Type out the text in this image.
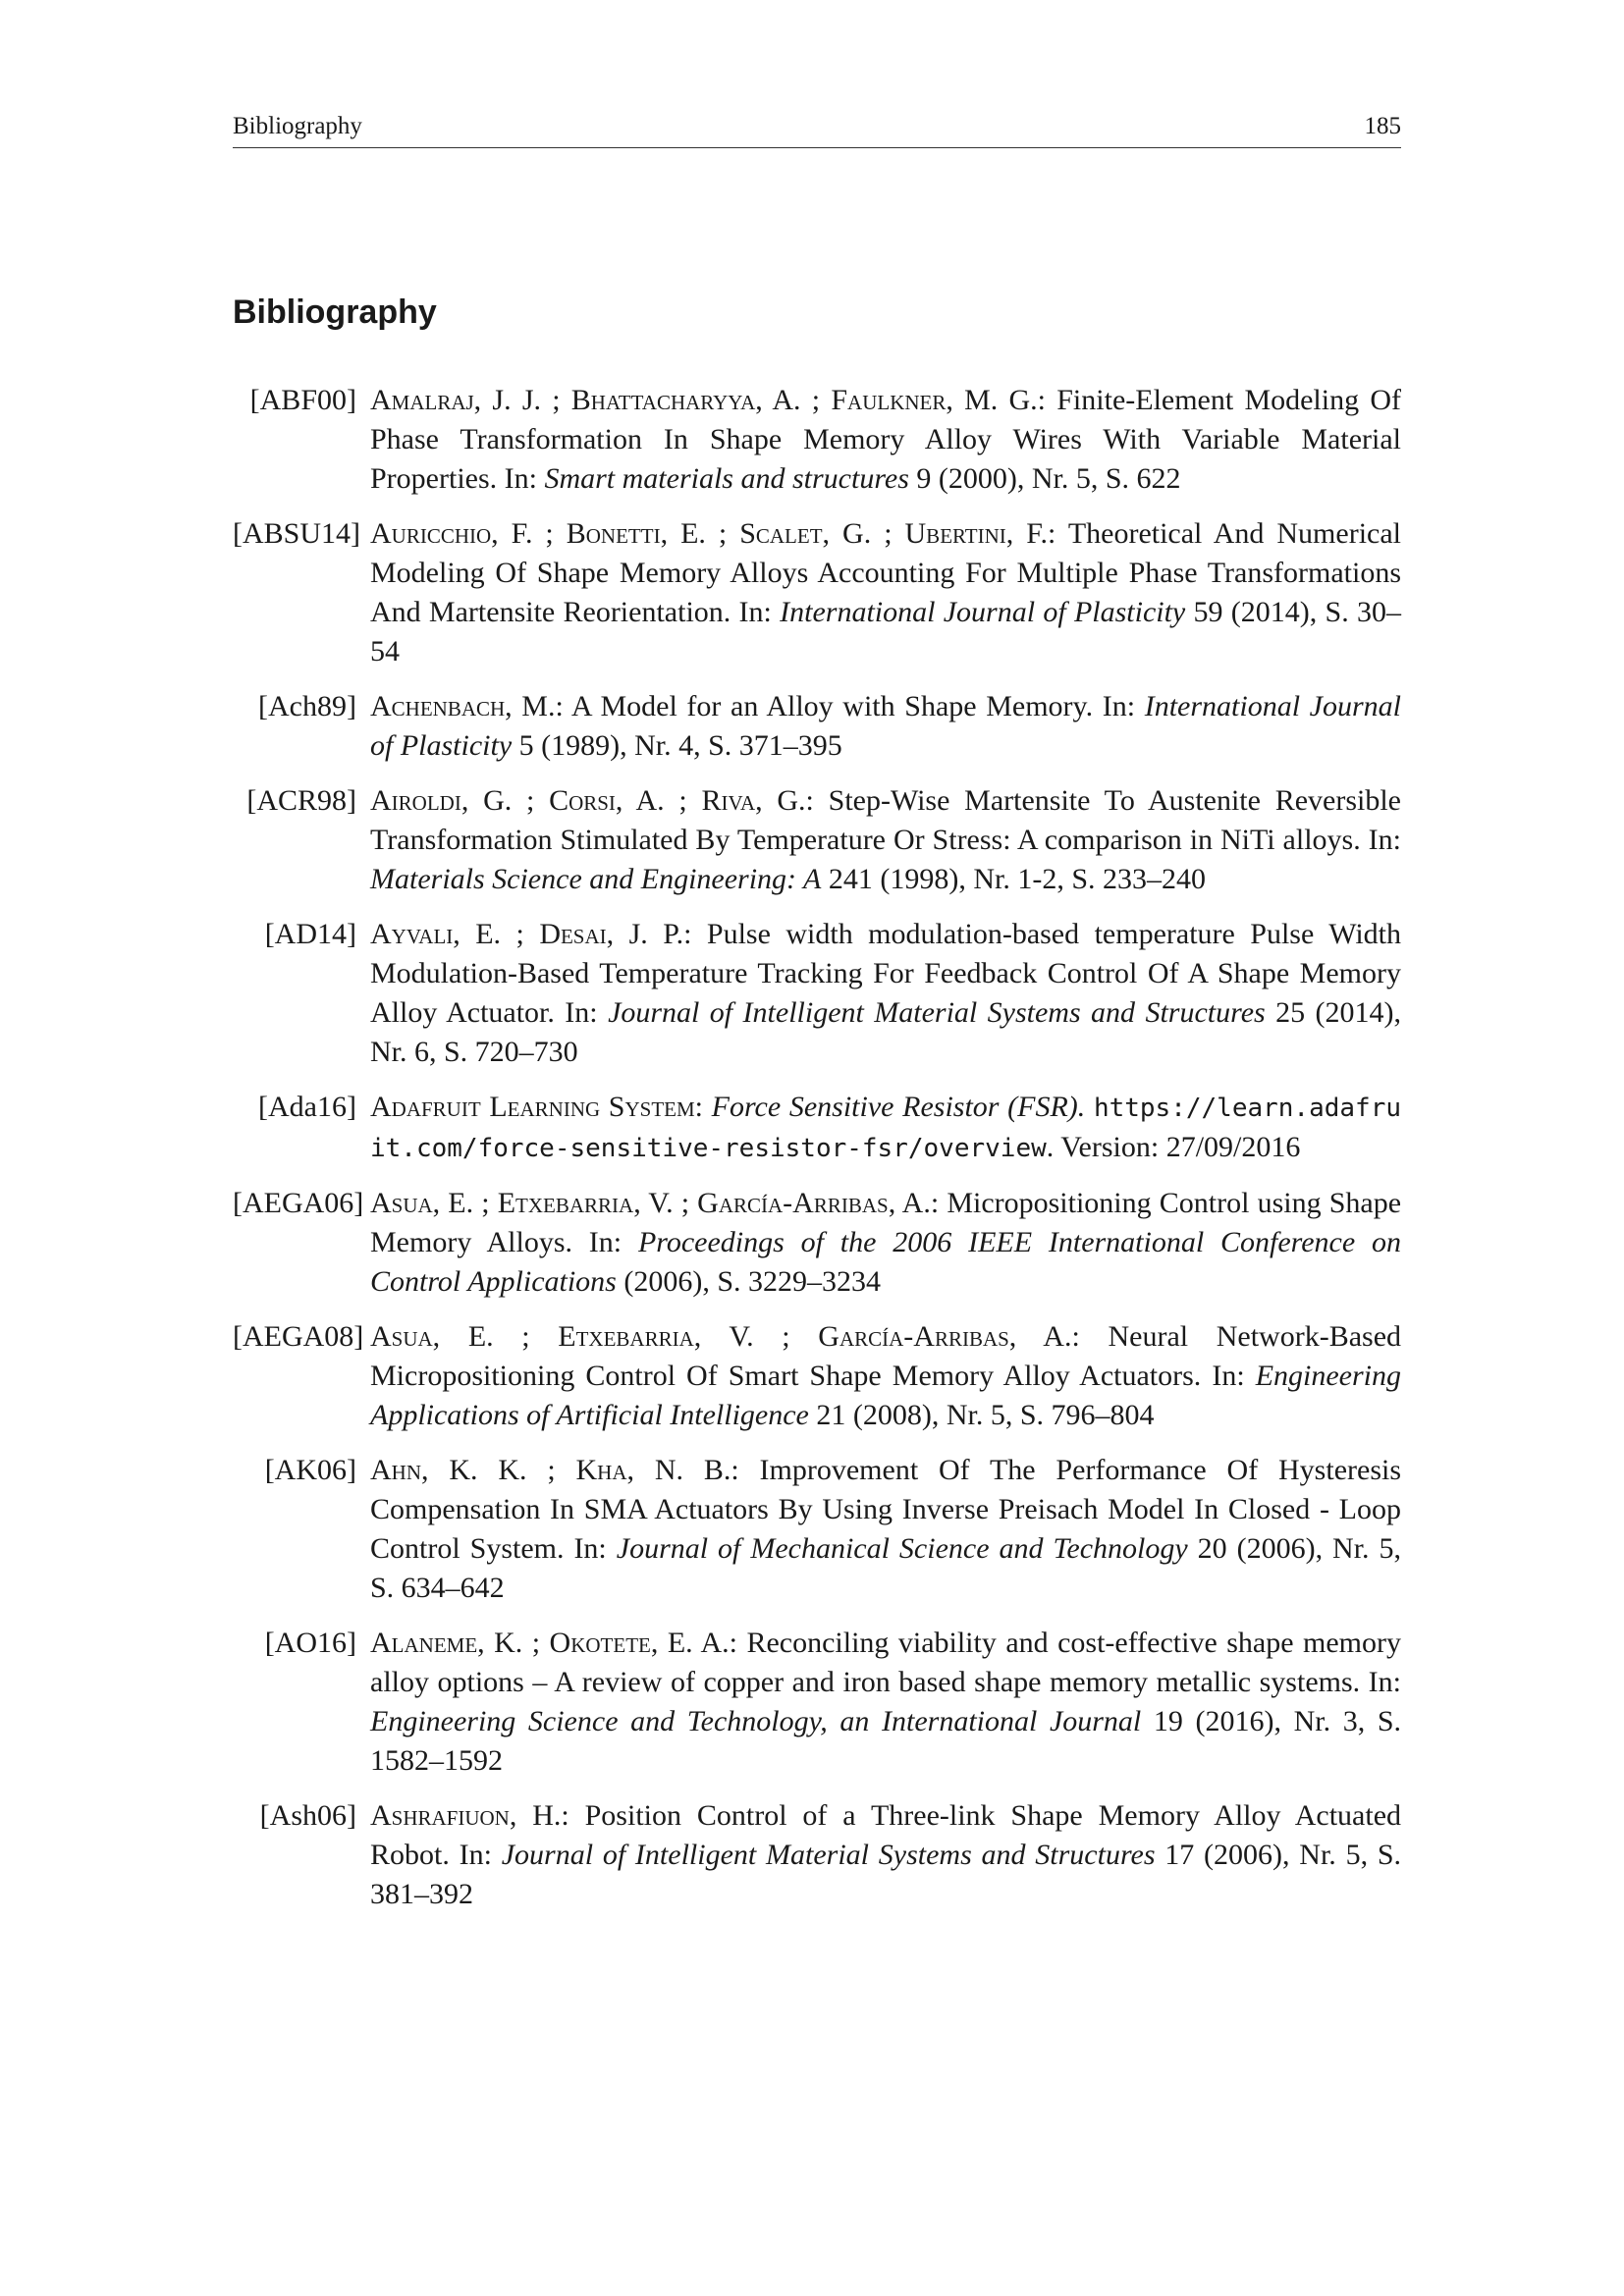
Bibliography	185
Bibliography
[ABF00] Amalraj, J. J. ; Bhattacharyya, A. ; Faulkner, M. G.: Finite-Element Modeling Of Phase Transformation In Shape Memory Alloy Wires With Variable Material Properties. In: Smart materials and structures 9 (2000), Nr. 5, S. 622
[ABSU14] Auricchio, F. ; Bonetti, E. ; Scalet, G. ; Ubertini, F.: Theoretical And Numerical Modeling Of Shape Memory Alloys Accounting For Multiple Phase Transformations And Martensite Reorientation. In: International Journal of Plasticity 59 (2014), S. 30–54
[Ach89] Achenbach, M.: A Model for an Alloy with Shape Memory. In: International Journal of Plasticity 5 (1989), Nr. 4, S. 371–395
[ACR98] Airoldi, G. ; Corsi, A. ; Riva, G.: Step-Wise Martensite To Austenite Reversible Transformation Stimulated By Temperature Or Stress: A comparison in NiTi alloys. In: Materials Science and Engineering: A 241 (1998), Nr. 1-2, S. 233–240
[AD14] Ayvali, E. ; Desai, J. P.: Pulse width modulation-based temperature Pulse Width Modulation-Based Temperature Tracking For Feedback Control Of A Shape Memory Alloy Actuator. In: Journal of Intelligent Material Systems and Structures 25 (2014), Nr. 6, S. 720–730
[Ada16] Adafruit Learning System: Force Sensitive Resistor (FSR). https://learn.adafruit.com/force-sensitive-resistor-fsr/overview. Version: 27/09/2016
[AEGA06] Asua, E. ; Etxebarria, V. ; García-Arribas, A.: Micropositioning Control using Shape Memory Alloys. In: Proceedings of the 2006 IEEE International Conference on Control Applications (2006), S. 3229–3234
[AEGA08] Asua, E. ; Etxebarria, V. ; García-Arribas, A.: Neural Network-Based Micropositioning Control Of Smart Shape Memory Alloy Actuators. In: Engineering Applications of Artificial Intelligence 21 (2008), Nr. 5, S. 796–804
[AK06] Ahn, K. K. ; Kha, N. B.: Improvement Of The Performance Of Hysteresis Compensation In SMA Actuators By Using Inverse Preisach Model In Closed - Loop Control System. In: Journal of Mechanical Science and Technology 20 (2006), Nr. 5, S. 634–642
[AO16] Alaneme, K. ; Okotete, E. A.: Reconciling viability and cost-effective shape memory alloy options – A review of copper and iron based shape memory metallic systems. In: Engineering Science and Technology, an International Journal 19 (2016), Nr. 3, S. 1582–1592
[Ash06] Ashrafiuon, H.: Position Control of a Three-link Shape Memory Alloy Actuated Robot. In: Journal of Intelligent Material Systems and Structures 17 (2006), Nr. 5, S. 381–392
